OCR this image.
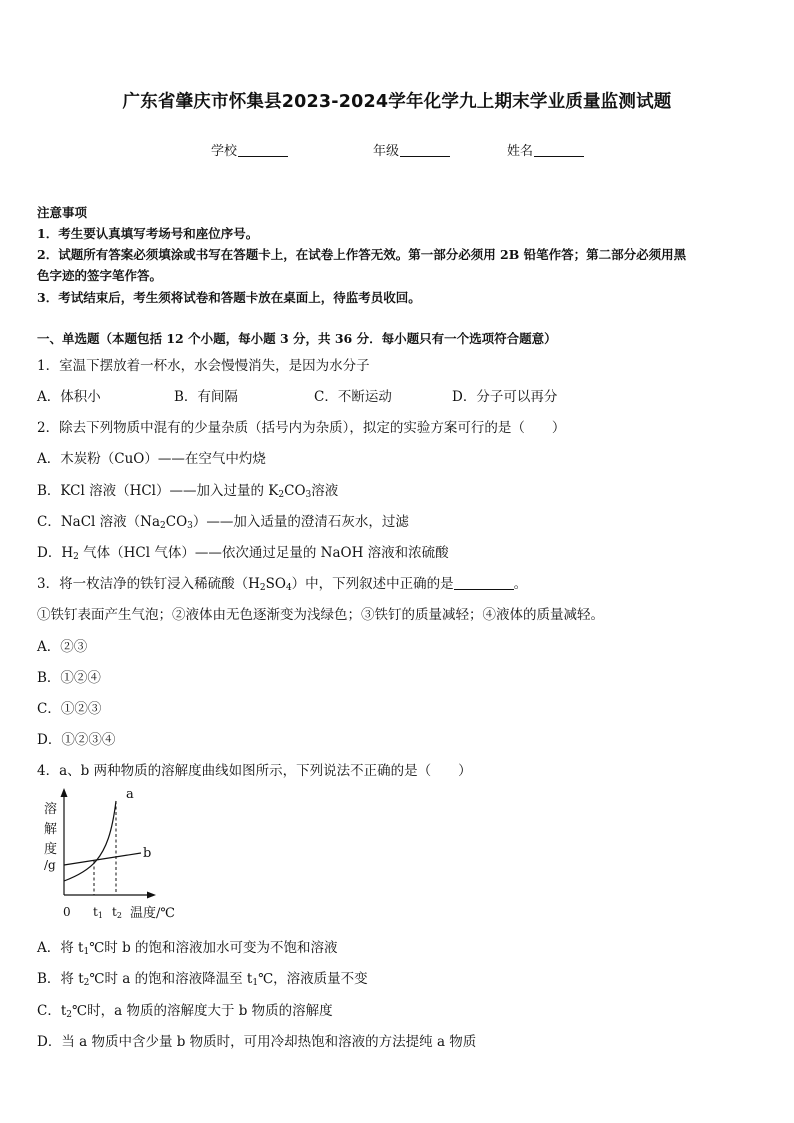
广东省肇庆市怀集县2023-2024学年化学九上期末学业质量监测试题
学校	年级	姓名
注意事项
1．考生要认真填写考场号和座位序号。
2．试题所有答案必须填涂或书写在答题卡上，在试卷上作答无效。第一部分必须用 2B 铅笔作答；第二部分必须用黑
色字迹的签字笔作答。
3．考试结束后，考生须将试卷和答题卡放在桌面上，待监考员收回。
一、单选题（本题包括 12 个小题，每小题 3 分，共 36 分．每小题只有一个选项符合题意）
1．室温下摆放着一杯水，水会慢慢消失，是因为水分子
A．体积小	B．有间隔	C．不断运动	D．分子可以再分
2．除去下列物质中混有的少量杂质（括号内为杂质），拟定的实验方案可行的是（　　）
A．木炭粉（CuO）——在空气中灼烧
B．KCl 溶液（HCl）——加入过量的 $K_2CO_3$溶液
C．NaCl 溶液$(Na_2CO_3)——$加入适量的澄清石灰水，过滤
D．$H_2$ 气体（HCl 气体）——依次通过足量的 NaOH 溶液和浓硫酸
3．将一枚洁净的铁钉浸入稀硫酸$(H_2SO_4)$中，下列叙述中正确的是	。
①铁钉表面产生气泡；②液体由无色逐渐变为浅绿色；③铁钉的质量减轻；④液体的质量减轻。
A．②③
B．①②④
C．①②③
D．①②③④
4．a、b 两种物质的溶解度曲线如图所示，下列说法不正确的是（　　）
溶
解
度
/g
a
b
0 t1 t2 温度/℃
A．将 $t_1℃$时 b 的饱和溶液加水可变为不饱和溶液
B．将 $t_2℃$时 a 的饱和溶液降温至 $t_1℃$，溶液质量不变
C．$t_2℃$时，a 物质的溶解度大于 b 物质的溶解度
D．当 a 物质中含少量 b 物质时，可用冷却热饱和溶液的方法提纯 a 物质
